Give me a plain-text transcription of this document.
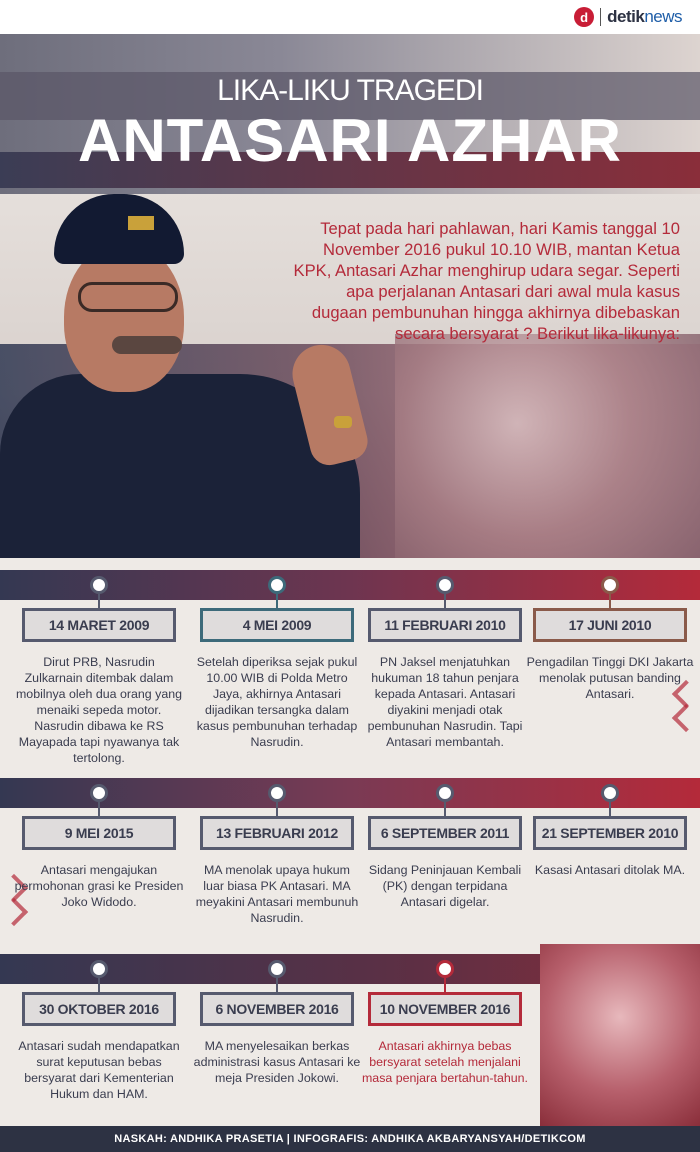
d	detiknews
LIKA-LIKU TRAGEDI
ANTASARI AZHAR
Tepat pada hari pahlawan, hari Kamis tanggal 10 November 2016 pukul 10.10 WIB, mantan Ketua KPK, Antasari Azhar menghirup udara segar. Seperti apa perjalanan Antasari dari awal mula kasus dugaan pembunuhan hingga akhirnya dibebaskan secara bersyarat ? Berikut lika-likunya:
14 MARET 2009
Dirut PRB, Nasrudin Zulkarnain ditembak dalam mobilnya oleh dua orang yang menaiki sepeda motor. Nasrudin dibawa ke RS Mayapada tapi nyawanya tak tertolong.
4 MEI 2009
Setelah diperiksa sejak pukul 10.00 WIB di Polda Metro Jaya, akhirnya Antasari dijadikan tersangka dalam kasus pembunuhan terhadap Nasrudin.
11 FEBRUARI 2010
PN Jaksel menjatuhkan hukuman 18 tahun penjara kepada Antasari. Antasari diyakini menjadi otak pembunuhan Nasrudin. Tapi Antasari membantah.
17 JUNI 2010
Pengadilan Tinggi DKI Jakarta menolak putusan banding Antasari.
9 MEI 2015
Antasari mengajukan permohonan grasi ke Presiden Joko Widodo.
13 FEBRUARI 2012
MA menolak upaya hukum luar biasa PK Antasari. MA meyakini Antasari membunuh Nasrudin.
6 SEPTEMBER 2011
Sidang Peninjauan Kembali (PK) dengan terpidana Antasari digelar.
21 SEPTEMBER 2010
Kasasi Antasari ditolak MA.
30 OKTOBER 2016
Antasari sudah mendapatkan surat keputusan bebas bersyarat dari Kementerian Hukum dan HAM.
6 NOVEMBER 2016
MA menyelesaikan berkas administrasi kasus Antasari ke meja Presiden Jokowi.
10 NOVEMBER 2016
Antasari akhirnya bebas bersyarat setelah menjalani masa penjara bertahun-tahun.
NASKAH: ANDHIKA PRASETIA | INFOGRAFIS: ANDHIKA AKBARYANSYAH/DETIKCOM
